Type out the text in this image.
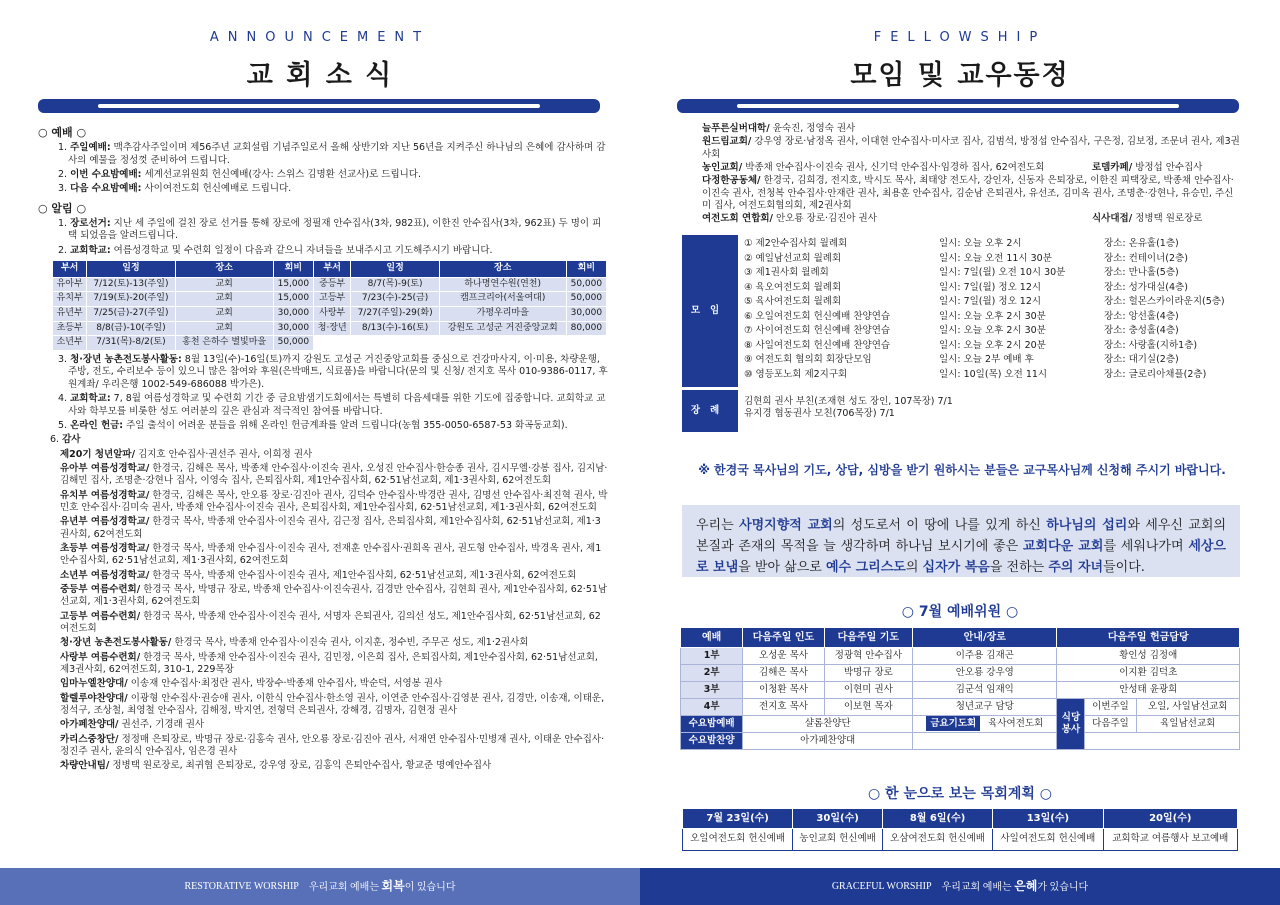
ANNOUNCEMENT
교 회 소 식
○ 예배 ○
1. 주일예배: 맥추감사주일이며 제56주년 교회설립 기념주일로서 올해 상반기와 지난 56년을 지켜주신 하나님의 은혜에 감사하며 감사의 예물을 정성껏 준비하여 드립니다.
2. 이번 수요밤예배: 세계선교위원회 헌신예배(강사: 스위스 김명환 선교사)로 드립니다.
3. 다음 수요밤예배: 사이여전도회 헌신예배로 드립니다.
○ 알림 ○
1. 장로선거: 지난 세 주일에 걸친 장로 선거를 통해 장로에 정필재 안수집사(3차, 982표), 이한진 안수집사(3차, 962표) 두 명이 피택 되었음을 알려드립니다.
2. 교회학교: 여름성경학교 및 수련회 일정이 다음과 같으니 자녀들을 보내주시고 기도해주시기 바랍니다.
부서	일정	장소	회비	부서	일정	장소	회비
유아부	7/12(토)-13(주일)	교회	15,000	중등부	8/7(목)-9(토)	하나명연수원(연천)	50,000
유치부	7/19(토)-20(주일)	교회	15,000	고등부	7/23(수)-25(금)	캠프크리아(서울여대)	50,000
유년부	7/25(금)-27(주일)	교회	30,000	사랑부	7/27(주일)-29(화)	가평우리마을	30,000
초등부	8/8(금)-10(주일)	교회	30,000	청·장년	8/13(수)-16(토)	강원도 고성군 거진중앙교회	80,000
소년부	7/31(목)-8/2(토)	홍천 은하수 별빛마을	50,000				
3. 청·장년 농촌전도봉사활동: 8월 13일(수)-16일(토)까지 강원도 고성군 거진중앙교회를 중심으로 건강마사지, 이·미용, 차량운행, 주방, 전도, 수리보수 등이 있으니 많은 참여와 후원(은박매트, 식료품)을 바랍니다(문의 및 신청/ 전지호 목사 010-9386-0117, 후원계좌/ 우리은행 1002-549-686088 박가은).
4. 교회학교: 7, 8월 여름성경학교 및 수련회 기간 중 금요밤샘기도회에서는 특별히 다음세대를 위한 기도에 집중합니다. 교회학교 교사와 학부모를 비롯한 성도 여러분의 깊은 관심과 적극적인 참여를 바랍니다.
5. 온라인 헌금: 주일 출석이 어려운 분들을 위해 온라인 헌금계좌를 알려 드립니다(농협 355-0050-6587-53 화곡동교회).
6. 감사
제20기 청년알파/ 김지호 안수집사·권선주 권사, 이희정 권사
유아부 여름성경학교/ 한경국, 김해은 목사, 박종채 안수집사·이진숙 권사, 오성진 안수집사·한승종 권사, 김시무엘·강봉 집사, 김지남·김해민 집사, 조명춘·강현나 집사, 이영숙 집사, 은퇴집사회, 제1안수집사회, 62·51남선교회, 제1·3권사회, 62여전도회
유치부 여름성경학교/ 한경국, 김해은 목사, 안오룡 장로·김진아 권사, 김덕수 안수집사·박경란 권사, 김명선 안수집사·최진혁 권사, 박민호 안수집사·김미숙 권사, 박종채 안수집사·이진숙 권사, 은퇴집사회, 제1안수집사회, 62·51남선교회, 제1·3권사회, 62여전도회
유년부 여름성경학교/ 한경국 목사, 박종채 안수집사·이진숙 권사, 김근정 집사, 은퇴집사회, 제1안수집사회, 62·51남선교회, 제1·3권사회, 62여전도회
초등부 여름성경학교/ 한경국 목사, 박종채 안수집사·이진숙 권사, 전재훈 안수집사·권희옥 권사, 권도형 안수집사, 박경옥 권사, 제1안수집사회, 62·51남선교회, 제1·3권사회, 62여전도회
소년부 여름성경학교/ 한경국 목사, 박종채 안수집사·이진숙 권사, 제1안수집사회, 62·51남선교회, 제1·3권사회, 62여전도회
중등부 여름수련회/ 한경국 목사, 박명규 장로, 박종채 안수집사·이진숙권사, 김경만 안수집사, 김현희 권사, 제1안수집사회, 62·51남선교회, 제1·3권사회, 62여전도회
고등부 여름수련회/ 한경국 목사, 박종채 안수집사·이진숙 권사, 서명자 은퇴권사, 김의선 성도, 제1안수집사회, 62·51남선교회, 62여전도회
청·장년 농촌전도봉사활동/ 한경국 목사, 박종채 안수집사·이진숙 권사, 이지훈, 정수빈, 주무곤 성도, 제1·2권사회
사랑부 여름수련회/ 한경국 목사, 박종채 안수집사·이진숙 권사, 김민정, 이은희 집사, 은퇴집사회, 제1안수집사회, 62·51남선교회, 제3권사회, 62여전도회, 310-1, 229목장
임마누엘찬양대/ 이송재 안수집사·최정란 권사, 박장수·박종채 안수집사, 박순덕, 서영봉 권사
할렐루야찬양대/ 이광형 안수집사·권승애 권사, 이한식 안수집사·한소영 권사, 이연준 안수집사·김영분 권사, 김경만, 이송재, 이태운, 정석구, 조상철, 최영철 안수집사, 김해정, 박지연, 전형덕 은퇴권사, 강해경, 김명자, 김현정 권사
아가페찬양대/ 권선주, 기경래 권사
카리스중창단/ 정정매 은퇴장로, 박명규 장로·김홍숙 권사, 안오룡 장로·김진아 권사, 서재연 안수집사·민병재 권사, 이태운 안수집사·정진주 권사, 윤의식 안수집사, 임은경 권사
차량안내팀/ 정병택 원로장로, 최귀협 은퇴장로, 강우영 장로, 김홍익 은퇴안수집사, 황교준 명예안수집사
RESTORATIVE WORSHIP 우리교회 예배는 회복이 있습니다
FELLOWSHIP
모임 및 교우동정
늘푸른실버대학/ 윤숙진, 정영숙 권사
원드림교회/ 강우영 장로·남정옥 권사, 이대현 안수집사·미사코 집사, 김범석, 방정섭 안수집사, 구은정, 김보정, 조문녀 권사, 제3권사회
농인교회/ 박종채 안수집사·이진숙 권사, 신기덕 안수집사·임경하 집사, 62여전도회	로뎀카페/ 방정섭 안수집사
다정한공동체/ 한경국, 김희경, 전지호, 박시도 목사, 최태양 전도사, 강인자, 신동자 은퇴장로, 이한진 피택장로, 박종채 안수집사·이진숙 권사, 전청복 안수집사·안재란 권사, 최용훈 안수집사, 김순남 은퇴권사, 유선조, 김미옥 권사, 조명춘·강현나, 유승민, 주신미 집사, 여전도회협의회, 제2권사회
여전도회 연합회/ 안오룡 장로·김진아 권사	식사대접/ 정병택 원로장로
모임
① 제2안수집사회 월례회	일시: 오늘 오후 2시	장소: 온유홀(1층)
② 예일남선교회 월례회	일시: 오늘 오전 11시 30분	장소: 컨테이너(2층)
③ 제1권사회 월례회	일시: 7일(월) 오전 10시 30분	장소: 만나홀(5층)
④ 육오여전도회 월례회	일시: 7일(월) 정오 12시	장소: 성가대실(4층)
⑤ 육사여전도회 월례회	일시: 7일(월) 정오 12시	장소: 헐몬스카이라운지(5층)
⑥ 오일여전도회 헌신예배 찬양연습	일시: 오늘 오후 2시 30분	장소: 앙선홀(4층)
⑦ 사이여전도회 헌신예배 찬양연습	일시: 오늘 오후 2시 30분	장소: 충성홀(4층)
⑧ 사일여전도회 헌신예배 찬양연습	일시: 오늘 오후 2시 20분	장소: 사랑홀(지하1층)
⑨ 여전도회 협의회 회장단모임	일시: 오늘 2부 예배 후	장소: 대기실(2층)
⑩ 영등포노회 제2지구회	일시: 10일(목) 오전 11시	장소: 글로리아채플(2층)
장례
김현희 권사 부친(조재현 성도 장인, 107목장) 7/1
유지경 협동권사 모친(706목장) 7/1
※ 한경국 목사님의 기도, 상담, 심방을 받기 원하시는 분들은 교구목사님께 신청해 주시기 바랍니다.
우리는 사명지향적 교회의 성도로서 이 땅에 나를 있게 하신 하나님의 섭리와 세우신 교회의 본질과 존재의 목적을 늘 생각하며 하나님 보시기에 좋은 교회다운 교회를 세워나가며 세상으로 보냄을 받아 삶으로 예수 그리스도의 십자가 복음을 전하는 주의 자녀들이다.
○ 7월 예배위원 ○
예배	다음주일 인도	다음주일 기도	안내/장로	다음주일 헌금담당		
1부	오성운 목사	정광혁 안수집사	이주용 김재곤	황인성 김정애		
2부	김해은 목사	박명규 장로	안오룡 강우영	이지환 김덕초		
3부	이청환 목사	이현미 권사	김군석 임재익	안성태 윤광희		
4부	전지호 목사	이보현 목자	청년교구 담당	식당 봉사	이번주일	오일, 사일남선교회
수요밤예배	샬롬찬양단		금요기도회 육사여전도회		다음주일	육일남선교회
수요밤찬양	아가페찬양대					
○ 한 눈으로 보는 목회계획 ○
7월 23일(수)	30일(수)	8월 6일(수)	13일(수)	20일(수)
오일여전도회 헌신예배	농인교회 헌신예배	오삼여전도회 헌신예배	사일여전도회 헌신예배	교회학교 여름행사 보고예배
GRACEFUL WORSHIP 우리교회 예배는 은혜가 있습니다
